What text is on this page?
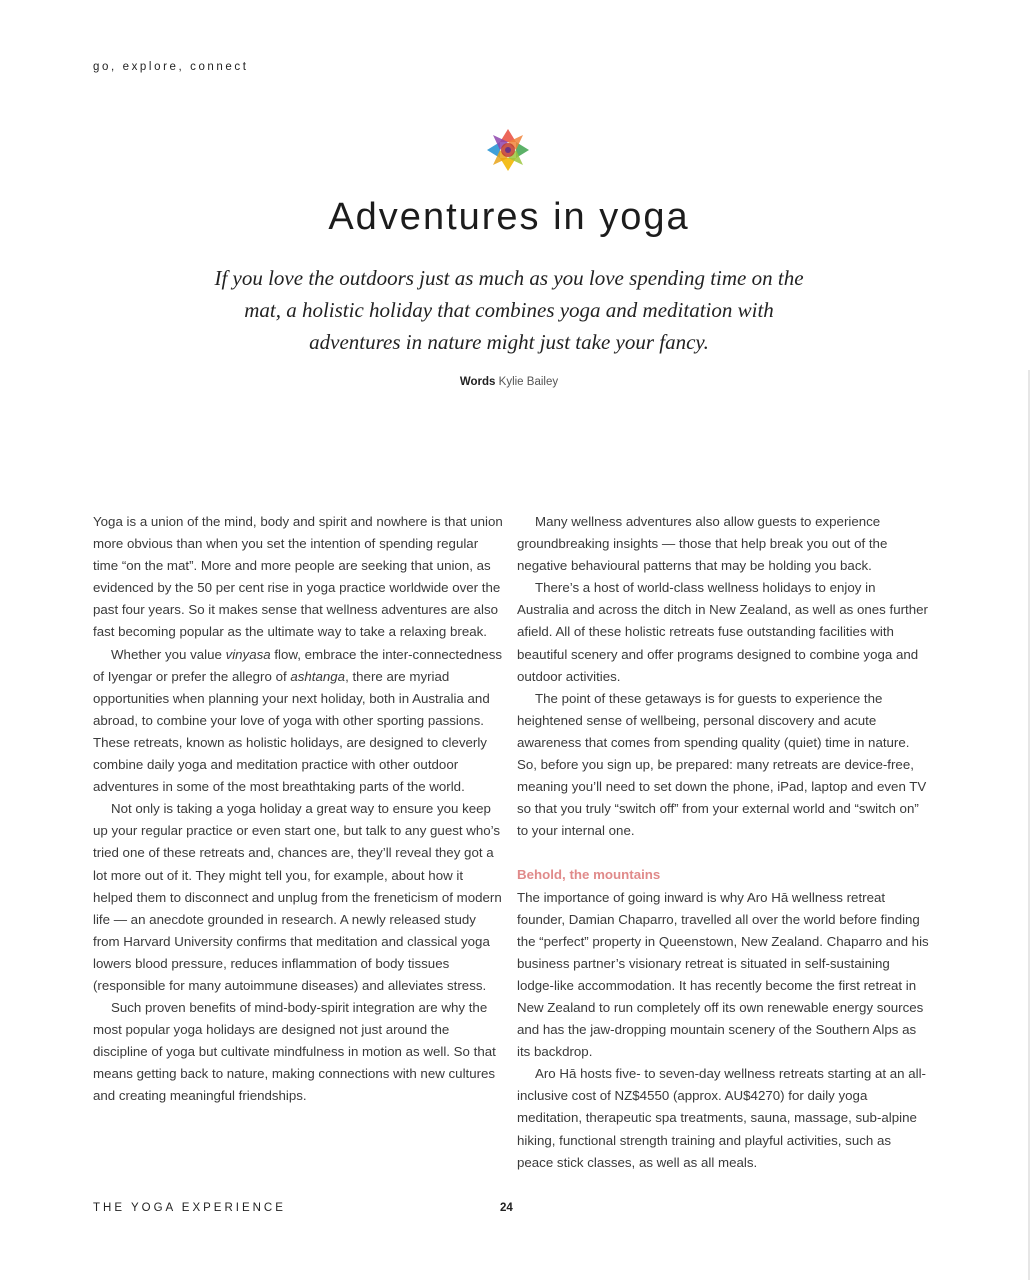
go, explore, connect
Adventures in yoga

If you love the outdoors just as much as you love spending time on the mat, a holistic holiday that combines yoga and meditation with adventures in nature might just take your fancy.

Words Kylie Bailey

Yoga is a union of the mind, body and spirit and nowhere is that union more obvious than when you set the intention of spending regular time “on the mat”. More and more people are seeking that union, as evidenced by the 50 per cent rise in yoga practice worldwide over the past four years. So it makes sense that wellness adventures are also fast becoming popular as the ultimate way to take a relaxing break.

Whether you value vinyasa flow, embrace the inter-connectedness of Iyengar or prefer the allegro of ashtanga, there are myriad opportunities when planning your next holiday, both in Australia and abroad, to combine your love of yoga with other sporting passions. These retreats, known as holistic holidays, are designed to cleverly combine daily yoga and meditation practice with other outdoor adventures in some of the most breathtaking parts of the world.

Not only is taking a yoga holiday a great way to ensure you keep up your regular practice or even start one, but talk to any guest who’s tried one of these retreats and, chances are, they’ll reveal they got a lot more out of it. They might tell you, for example, about how it helped them to disconnect and unplug from the freneticism of modern life — an anecdote grounded in research. A newly released study from Harvard University confirms that meditation and classical yoga lowers blood pressure, reduces inflammation of body tissues (responsible for many autoimmune diseases) and alleviates stress.

Such proven benefits of mind-body-spirit integration are why the most popular yoga holidays are designed not just around the discipline of yoga but cultivate mindfulness in motion as well. So that means getting back to nature, making connections with new cultures and creating meaningful friendships.

Many wellness adventures also allow guests to experience groundbreaking insights — those that help break you out of the negative behavioural patterns that may be holding you back.

There’s a host of world-class wellness holidays to enjoy in Australia and across the ditch in New Zealand, as well as ones further afield. All of these holistic retreats fuse outstanding facilities with beautiful scenery and offer programs designed to combine yoga and outdoor activities.

The point of these getaways is for guests to experience the heightened sense of wellbeing, personal discovery and acute awareness that comes from spending quality (quiet) time in nature. So, before you sign up, be prepared: many retreats are device-free, meaning you’ll need to set down the phone, iPad, laptop and even TV so that you truly “switch off” from your external world and “switch on” to your internal one.

Behold, the mountains

The importance of going inward is why Aro Hā wellness retreat founder, Damian Chaparro, travelled all over the world before finding the “perfect” property in Queenstown, New Zealand. Chaparro and his business partner’s visionary retreat is situated in self-sustaining lodge-like accommodation. It has recently become the first retreat in New Zealand to run completely off its own renewable energy sources and has the jaw-dropping mountain scenery of the Southern Alps as its backdrop.

Aro Hā hosts five- to seven-day wellness retreats starting at an all-inclusive cost of NZ$4550 (approx. AU$4270) for daily yoga meditation, therapeutic spa treatments, sauna, massage, sub-alpine hiking, functional strength training and playful activities, such as peace stick classes, as well as all meals.

THE YOGA EXPERIENCE	24
